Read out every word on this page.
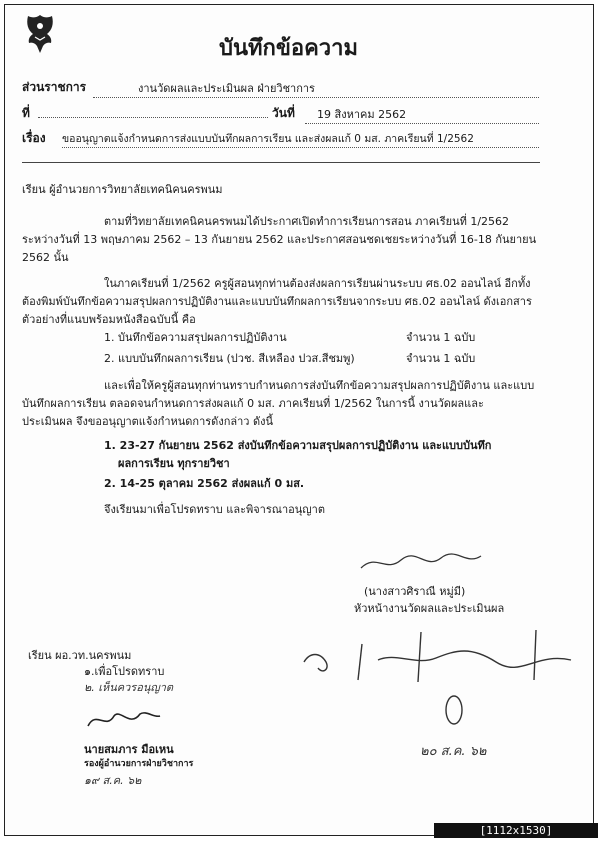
บันทึกข้อความ
ส่วนราชการ	งานวัดผลและประเมินผล ฝ่ายวิชาการ
ที่	วันที่	19 สิงหาคม 2562
เรื่อง ขออนุญาตแจ้งกำหนดการส่งแบบบันทึกผลการเรียน และส่งผลแก้ 0 มส. ภาคเรียนที่ 1/2562
เรียน ผู้อำนวยการวิทยาลัยเทคนิคนครพนม
ตามที่วิทยาลัยเทคนิคนครพนมได้ประกาศเปิดทำการเรียนการสอน ภาคเรียนที่ 1/2562
ระหว่างวันที่ 13 พฤษภาคม 2562 – 13 กันยายน 2562 และประกาศสอนชดเชยระหว่างวันที่ 16-18 กันยายน
2562 นั้น
ในภาคเรียนที่ 1/2562 ครูผู้สอนทุกท่านต้องส่งผลการเรียนผ่านระบบ ศธ.02 ออนไลน์ อีกทั้ง
ต้องพิมพ์บันทึกข้อความสรุปผลการปฏิบัติงานและแบบบันทึกผลการเรียนจากระบบ ศธ.02 ออนไลน์ ดังเอกสาร
ตัวอย่างที่แนบพร้อมหนังสือฉบับนี้ คือ
1. บันทึกข้อความสรุปผลการปฏิบัติงาน	จำนวน 1 ฉบับ
2. แบบบันทึกผลการเรียน (ปวช. สีเหลือง ปวส.สีชมพู)	จำนวน 1 ฉบับ
และเพื่อให้ครูผู้สอนทุกท่านทราบกำหนดการส่งบันทึกข้อความสรุปผลการปฏิบัติงาน และแบบ
บันทึกผลการเรียน ตลอดจนกำหนดการส่งผลแก้ 0 มส. ภาคเรียนที่ 1/2562 ในการนี้ งานวัดผลและ
ประเมินผล จึงขออนุญาตแจ้งกำหนดการดังกล่าว ดังนี้
1. 23-27 กันยายน 2562 ส่งบันทึกข้อความสรุปผลการปฏิบัติงาน และแบบบันทึก
ผลการเรียน ทุกรายวิชา
2. 14-25 ตุลาคม 2562 ส่งผลแก้ 0 มส.
จึงเรียนมาเพื่อโปรดทราบ และพิจารณาอนุญาต
(นางสาวศิราณี หมู่มี)
หัวหน้างานวัดผลและประเมินผล
เรียน ผอ.วท.นครพนม
๑.เพื่อโปรดทราบ
๒. เห็นควรอนุญาต
นายสมภาร มือเหน
รองผู้อำนวยการฝ่ายวิชาการ
๑๙ ส.ค. ๖๒
๒๐ ส.ค. ๖๒
[1112x1530] http://upic.me/
